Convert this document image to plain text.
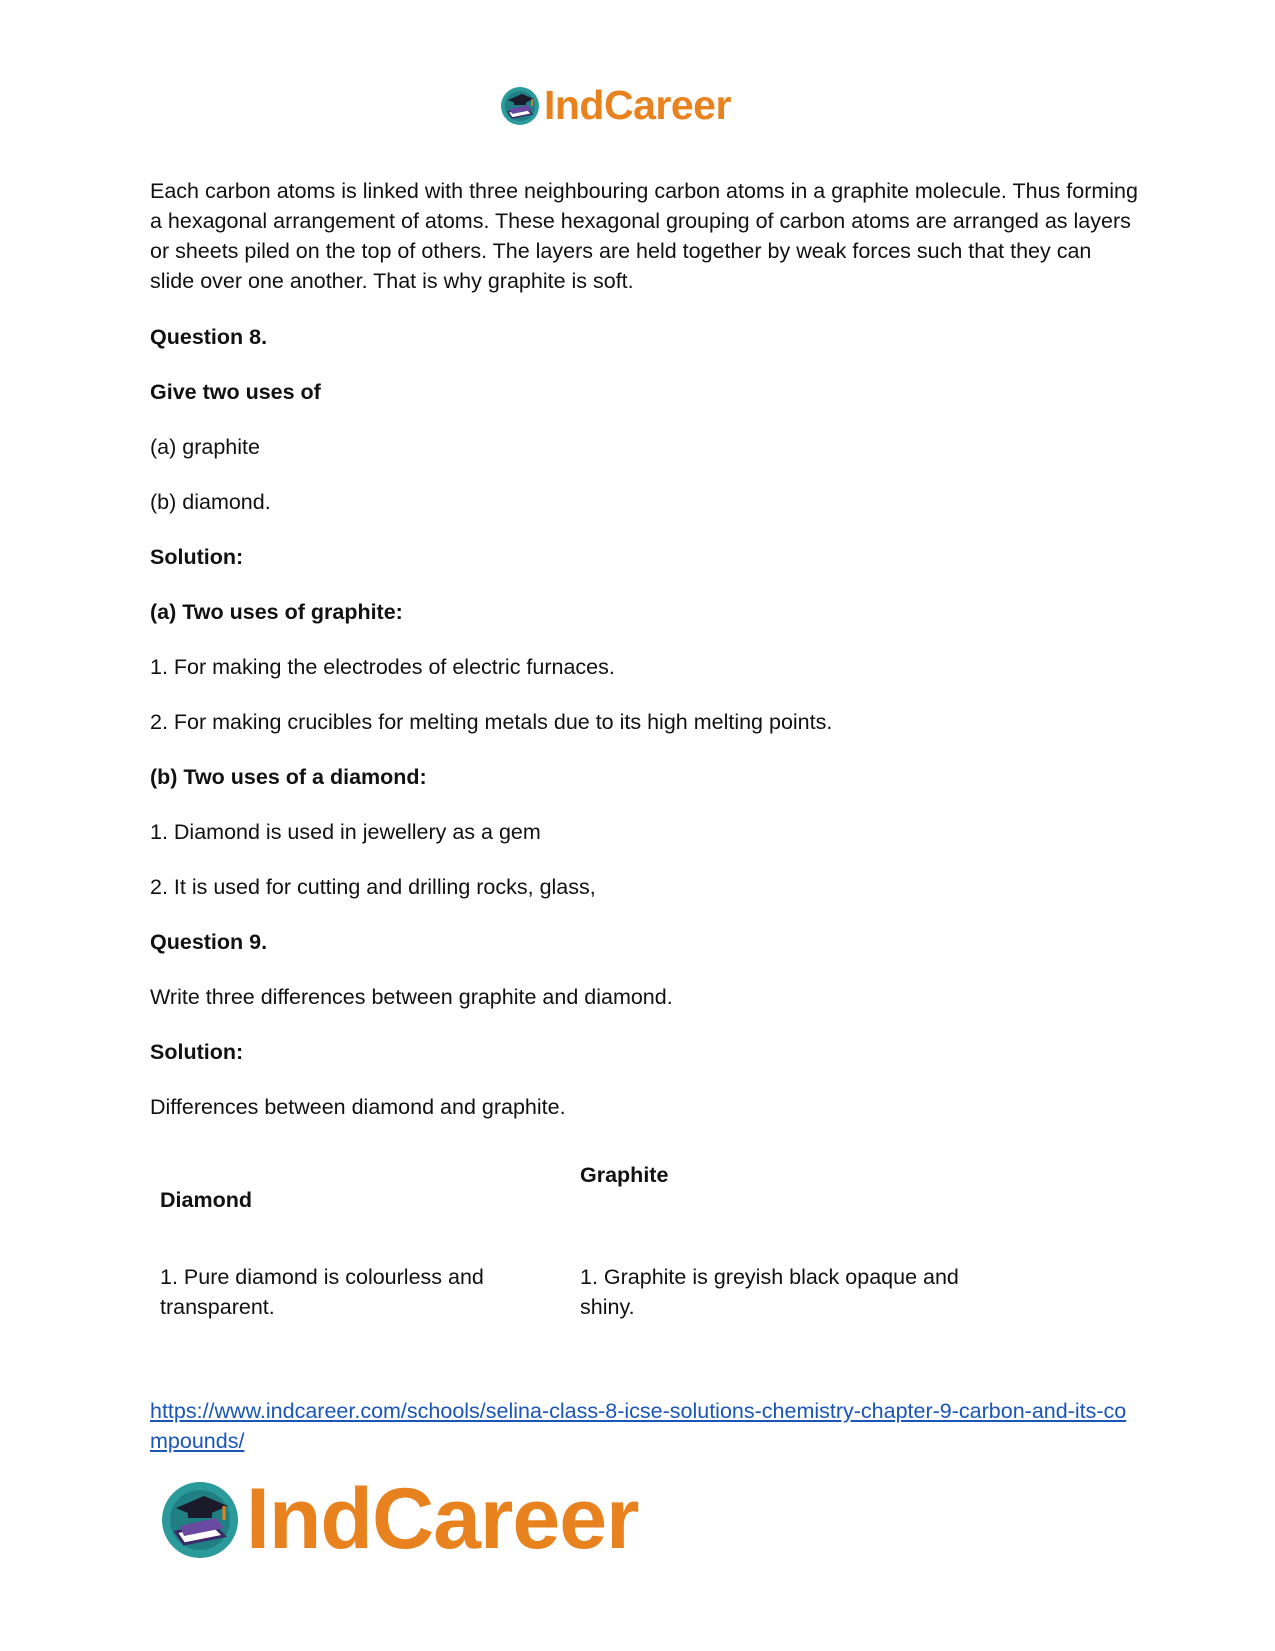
IndCareer

Each carbon atoms is linked with three neighbouring carbon atoms in a graphite molecule. Thus forming a hexagonal arrangement of atoms. These hexagonal grouping of carbon atoms are arranged as layers or sheets piled on the top of others. The layers are held together by weak forces such that they can slide over one another. That is why graphite is soft.

Question 8.

Give two uses of

(a) graphite

(b) diamond.

Solution:

(a) Two uses of graphite:

1. For making the electrodes of electric furnaces.

2. For making crucibles for melting metals due to its high melting points.

(b) Two uses of a diamond:

1. Diamond is used in jewellery as a gem

2. It is used for cutting and drilling rocks, glass,

Question 9.

Write three differences between graphite and diamond.

Solution:

Differences between diamond and graphite.

Diamond
Graphite
1. Pure diamond is colourless and transparent.
1. Graphite is greyish black opaque and shiny.
https://www.indcareer.com/schools/selina-class-8-icse-solutions-chemistry-chapter-9-carbon-and-its-compounds/
IndCareer
